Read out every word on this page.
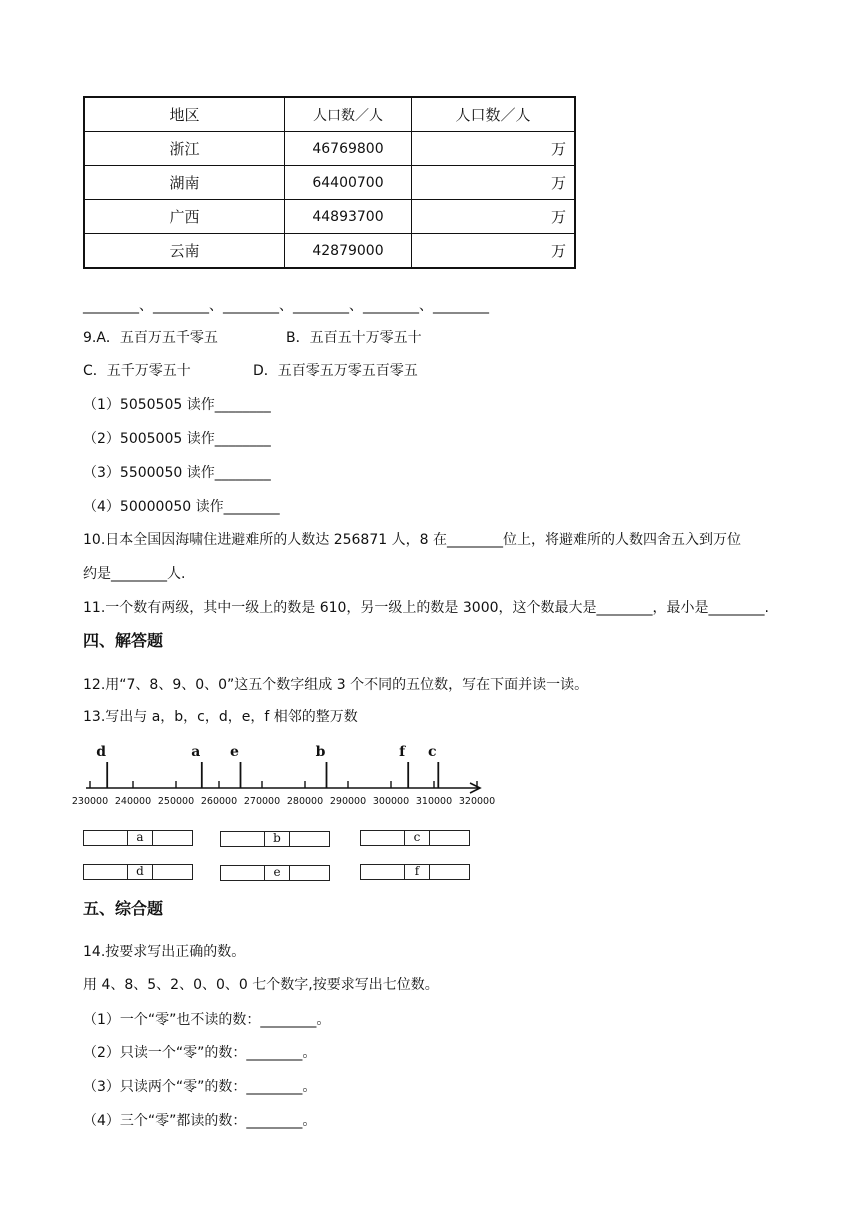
地区	人口数／人	人口数／人
浙江	46769800	万
湖南	64400700	万
广西	44893700	万
云南	42879000	万
________、________、________、________、________、________
9.A．五百万五千零五	B．五百五十万零五十
C．五千万零五十	D．五百零五万零五百零五
（1）5050505 读作________
（2）5005005 读作________
（3）5500050 读作________
（4）50000050 读作________
10.日本全国因海啸住进避难所的人数达 256871 人，8 在________位上，将避难所的人数四舍五入到万位
约是________人.
11.一个数有两级，其中一级上的数是 610，另一级上的数是 3000，这个数最大是________，最小是________.
四、解答题
12.用“7、8、9、0、0”这五个数字组成 3 个不同的五位数，写在下面并读一读。
13.写出与 a，b，c，d，e，f 相邻的整万数
230000 240000 250000 260000 270000 280000 290000 300000 310000 320000
d	a e	b	f c
a	b	c
d	e	f
五、综合题
14.按要求写出正确的数。
用 4、8、5、2、0、0、0 七个数字,按要求写出七位数。
（1）一个“零”也不读的数：________。
（2）只读一个“零”的数：________。
（3）只读两个“零”的数：________。
（4）三个“零”都读的数：________。
